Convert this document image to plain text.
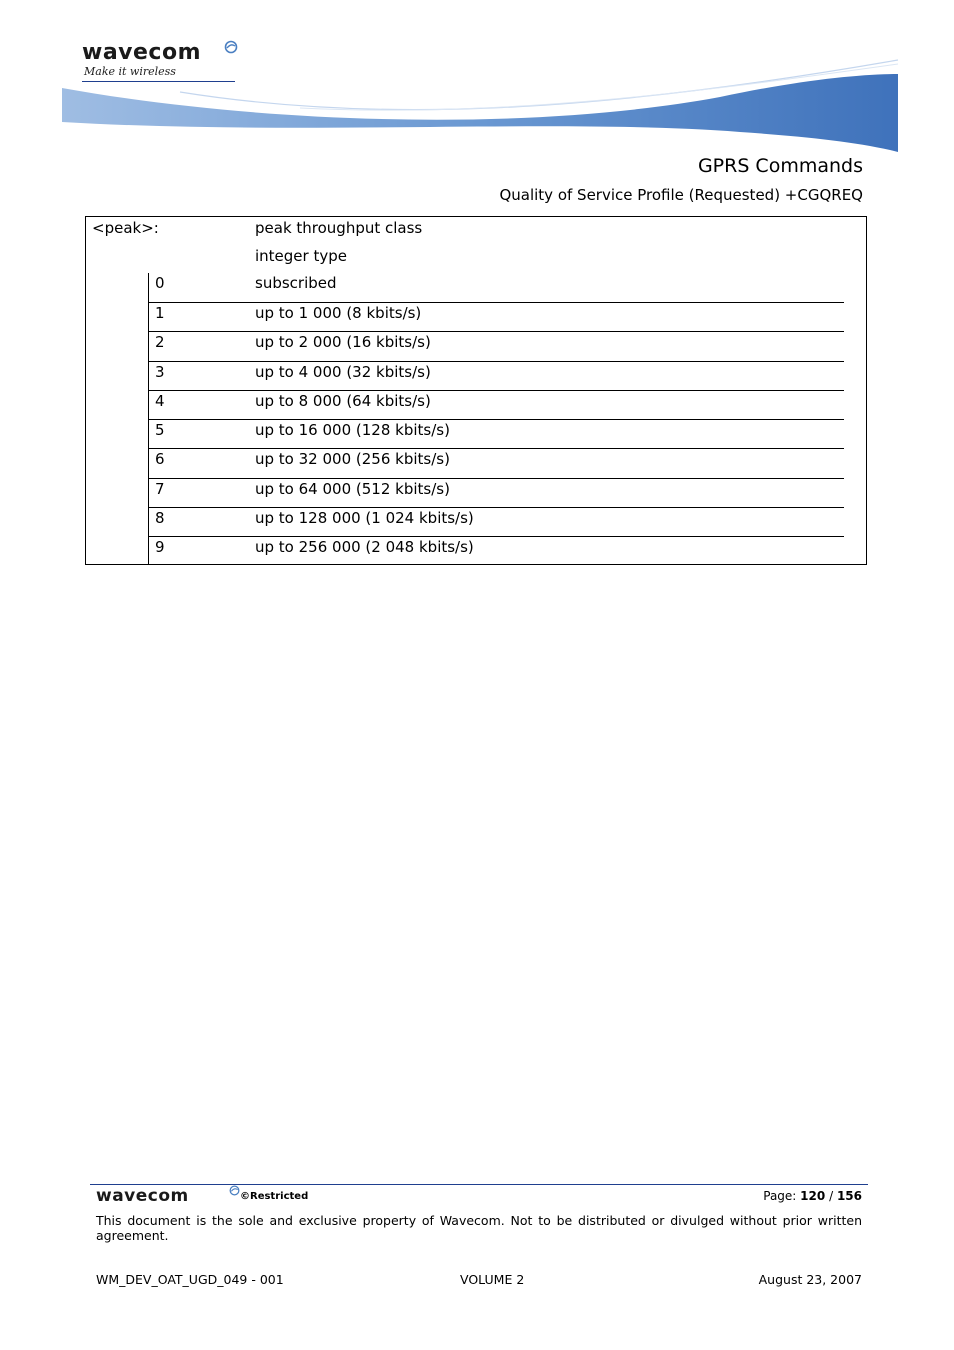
wavecom
Make it wireless
GPRS Commands
Quality of Service Profile (Requested) +CGQREQ
<peak>:	peak throughput class
integer type
0	subscribed
1	up to 1 000 (8 kbits/s)
2	up to 2 000 (16 kbits/s)
3	up to 4 000 (32 kbits/s)
4	up to 8 000 (64 kbits/s)
5	up to 16 000 (128 kbits/s)
6	up to 32 000 (256 kbits/s)
7	up to 64 000 (512 kbits/s)
8	up to 128 000 (1 024 kbits/s)
9	up to 256 000 (2 048 kbits/s)
wavecom	©Restricted	Page: 120 / 156
This document is the sole and exclusive property of Wavecom. Not to be distributed or divulged without prior written agreement.
WM_DEV_OAT_UGD_049 - 001	VOLUME 2	August 23, 2007
